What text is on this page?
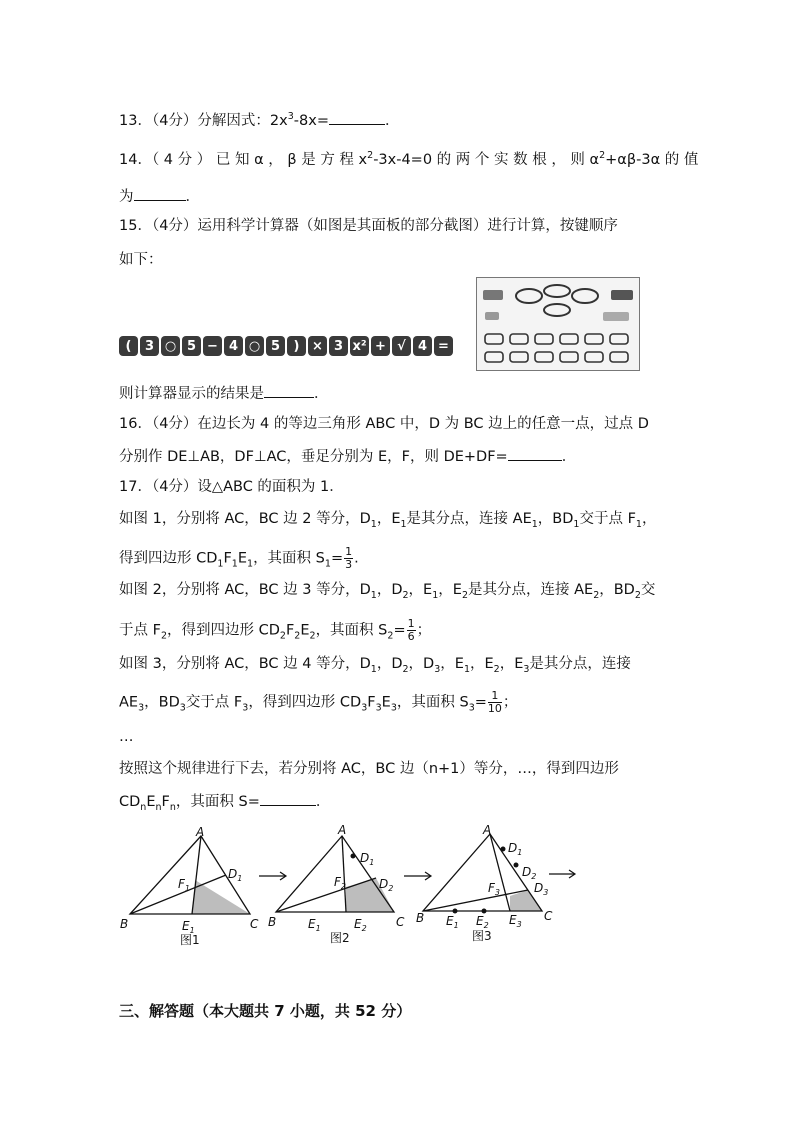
13．（4分）分解因式：$2x^3-8x=$	．
14．（ 4 分 ） 已 知 α ， β 是 方 程 $x^2-3x-4=0$ 的 两 个 实 数 根 ， 则 $\alpha^2+\alpha\beta-3\alpha$ 的 值
为	．
15．（4分）运用科学计算器（如图是其面板的部分截图）进行计算，按键顺序
如下：
(	3 ○ 5 − 4 ○ 5	) × 3 x² + √ 4 =
则计算器显示的结果是	．
16．（4分）在边长为 4 的等边三角形 ABC 中，D 为 BC 边上的任意一点，过点 D
分别作 DE⊥AB，DF⊥AC，垂足分别为 E，F，则 DE+DF=	．
17．（4分）设△ABC 的面积为 1．
如图 1，分别将 AC，BC 边 2 等分，$D_1$，$E_1$是其分点，连接 $AE_1$，$BD_1$交于点 $F_1$，
得到四边形 $CD_1F_1E_1$，其面积 $S_1= \frac{1}{3}$ .
如图 2，分别将 AC，BC 边 3 等分，$D_1$，$D_2$，$E_1$，$E_2$是其分点，连接 $AE_2$，$BD_2$交
于点 $F_2$，得到四边形 $CD_2F_2E_2$，其面积 $S_2= \frac{1}{6}$ ；
如图 3，分别将 AC，BC 边 4 等分，$D_1$，$D_2$，$D_3$，$E_1$，$E_2$，$E_3$是其分点，连接
$AE_3$，$BD_3$交于点 $F_3$，得到四边形 $CD_3F_3E_3$，其面积 $S_3= \frac{1}{10}$ ；
…
按照这个规律进行下去，若分别将 AC，BC 边（n+1）等分，…，得到四边形
$CD_nE_nF_n$，其面积 S=	．
A
B	C
$D_1$
$F_1$
$E_1$
图1
A
B	C
$D_1$
$D_2$
$F_2$
$E_1$	$E_2$
图2
A
B	C
$D_1$
$D_2$
$D_3$
$F_3$
$E_1$ $E_2$ $E_3$
图3
三、解答题（本大题共 7 小题，共 52 分）
